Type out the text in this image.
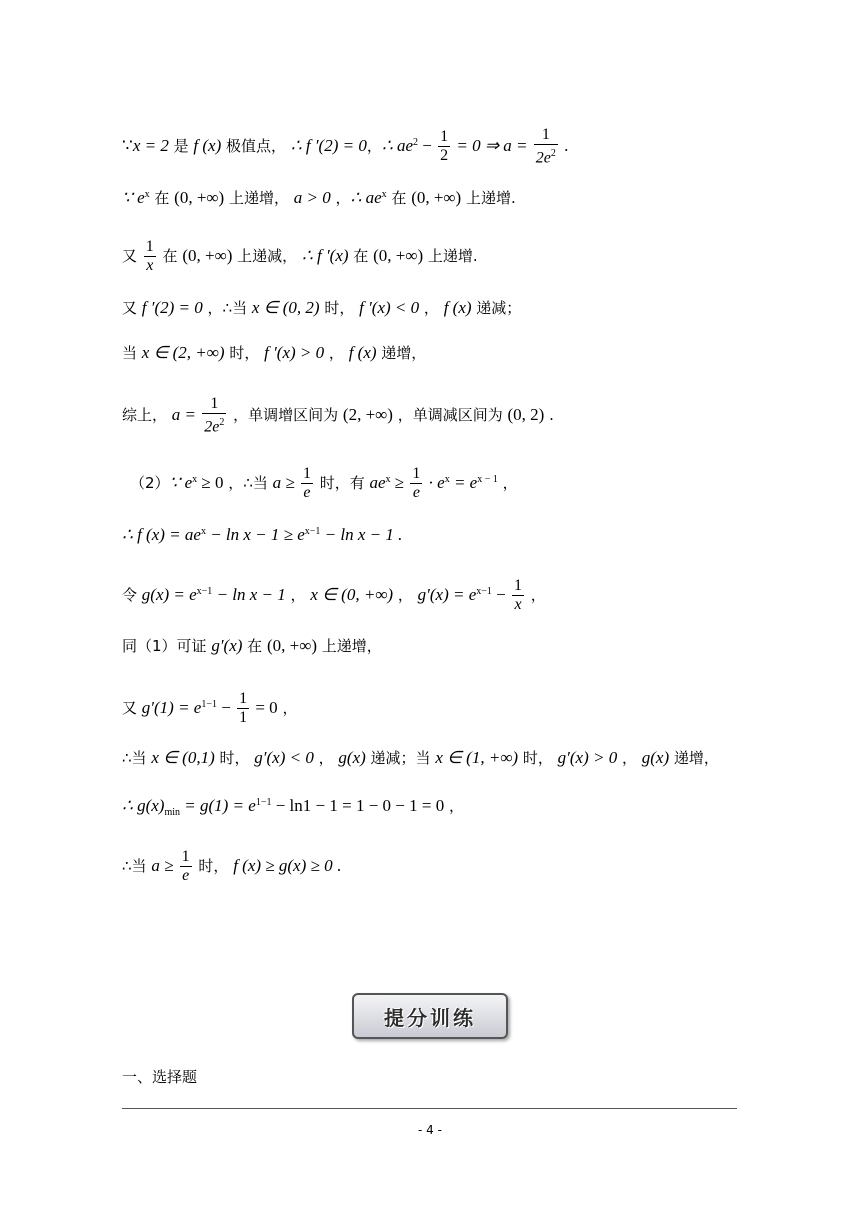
∵x = 2 是 f (x) 极值点， ∴ f ′(2) = 0，∴ $ae^2 - \frac{1}{2} = 0$ ⇒ $a = \frac{1}{2e^2}$ .
∵ $e^x$ 在 (0, +∞) 上递增， a > 0 ，∴ $ae^x$ 在 (0, +∞) 上递增.
又 $\frac{1}{x}$ 在 (0, +∞) 上递减， ∴ f ′(x) 在 (0, +∞) 上递增.
又 f ′(2) = 0 ，∴当 x ∈ (0, 2) 时， f ′(x) < 0 ， f (x) 递减；
当 x ∈ (2, +∞) 时， f ′(x) > 0 ， f (x) 递增，
综上， $a = \frac{1}{2e^2}$ ，单调增区间为 (2, +∞) ，单调减区间为 (0, 2) .
（2）∵ $e^x \ge 0$ ，∴当 $a \ge \frac{1}{e}$ 时，有 $ae^x \ge \frac{1}{e} \cdot e^x = e^{x - 1}$ ，
∴ f $(x) = ae^x - \ln x - 1 \ge e^{x-1} - \ln x - 1$ .
令 $g(x) = e^{x-1} - \ln x - 1$ ， x ∈ (0, +∞) ， $g'(x) = e^{x-1} - \frac{1}{x}$ ，
同（1）可证 g′(x) 在 (0, +∞) 上递增，
又 $g'(1) = e^{1-1} - \frac{1}{1} = 0$ ，
∴当 x ∈ (0,1) 时， g′(x) < 0 ， g(x) 递减；当 x ∈ (1, +∞) 时， g′(x) > 0 ， g(x) 递增，
∴ $g(x)_{min} = g(1) = e^{1-1} - \ln 1 - 1 = 1 - 0 - 1 = 0$ ，
∴当 $a \ge \frac{1}{e}$ 时， f (x) ≥ g(x) ≥ 0 .
提分训练
一、选择题
- 4 -
